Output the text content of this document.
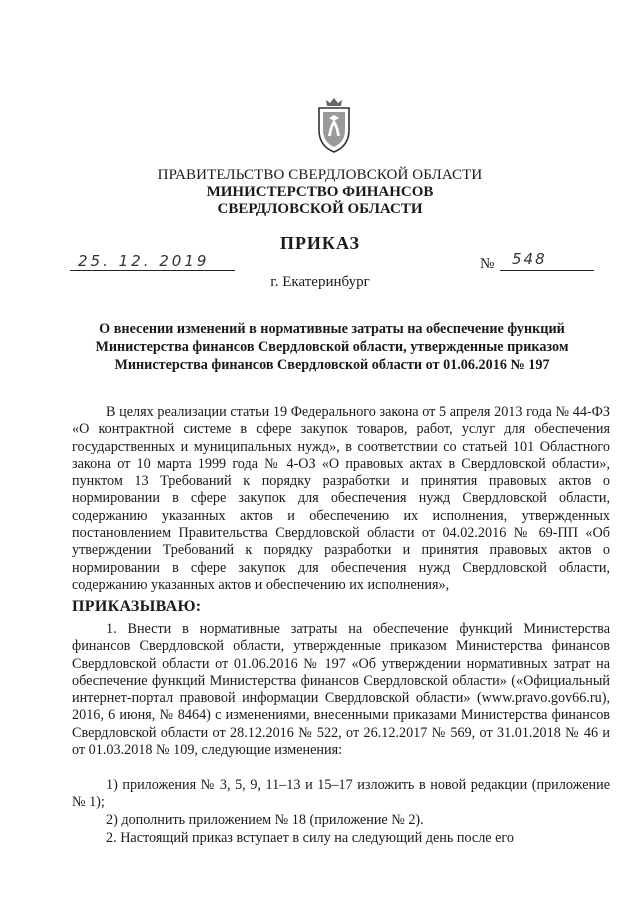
ПРАВИТЕЛЬСТВО СВЕРДЛОВСКОЙ ОБЛАСТИ
МИНИСТЕРСТВО ФИНАНСОВ
СВЕРДЛОВСКОЙ ОБЛАСТИ
ПРИКАЗ
25. 12. 2019	№ 548
г. Екатеринбург
О внесении изменений в нормативные затраты на обеспечение функций Министерства финансов Свердловской области, утвержденные приказом Министерства финансов Свердловской области от 01.06.2016 № 197
В целях реализации статьи 19 Федерального закона от 5 апреля 2013 года № 44-ФЗ «О контрактной системе в сфере закупок товаров, работ, услуг для обеспечения государственных и муниципальных нужд», в соответствии со статьей 101 Областного закона от 10 марта 1999 года № 4-ОЗ «О правовых актах в Свердловской области», пунктом 13 Требований к порядку разработки и принятия правовых актов о нормировании в сфере закупок для обеспечения нужд Свердловской области, содержанию указанных актов и обеспечению их исполнения, утвержденных постановлением Правительства Свердловской области от 04.02.2016 № 69-ПП «Об утверждении Требований к порядку разработки и принятия правовых актов о нормировании в сфере закупок для обеспечения нужд Свердловской области, содержанию указанных актов и обеспечению их исполнения»,
ПРИКАЗЫВАЮ:
1. Внести в нормативные затраты на обеспечение функций Министерства финансов Свердловской области, утвержденные приказом Министерства финансов Свердловской области от 01.06.2016 № 197 «Об утверждении нормативных затрат на обеспечение функций Министерства финансов Свердловской области» («Официальный интернет-портал правовой информации Свердловской области» (www.pravo.gov66.ru), 2016, 6 июня, № 8464) с изменениями, внесенными приказами Министерства финансов Свердловской области от 28.12.2016 № 522, от 26.12.2017 № 569, от 31.01.2018 № 46 и от 01.03.2018 № 109, следующие изменения:
1) приложения № 3, 5, 9, 11–13 и 15–17 изложить в новой редакции (приложение № 1);
2) дополнить приложением № 18 (приложение № 2).
2. Настоящий приказ вступает в силу на следующий день после его
